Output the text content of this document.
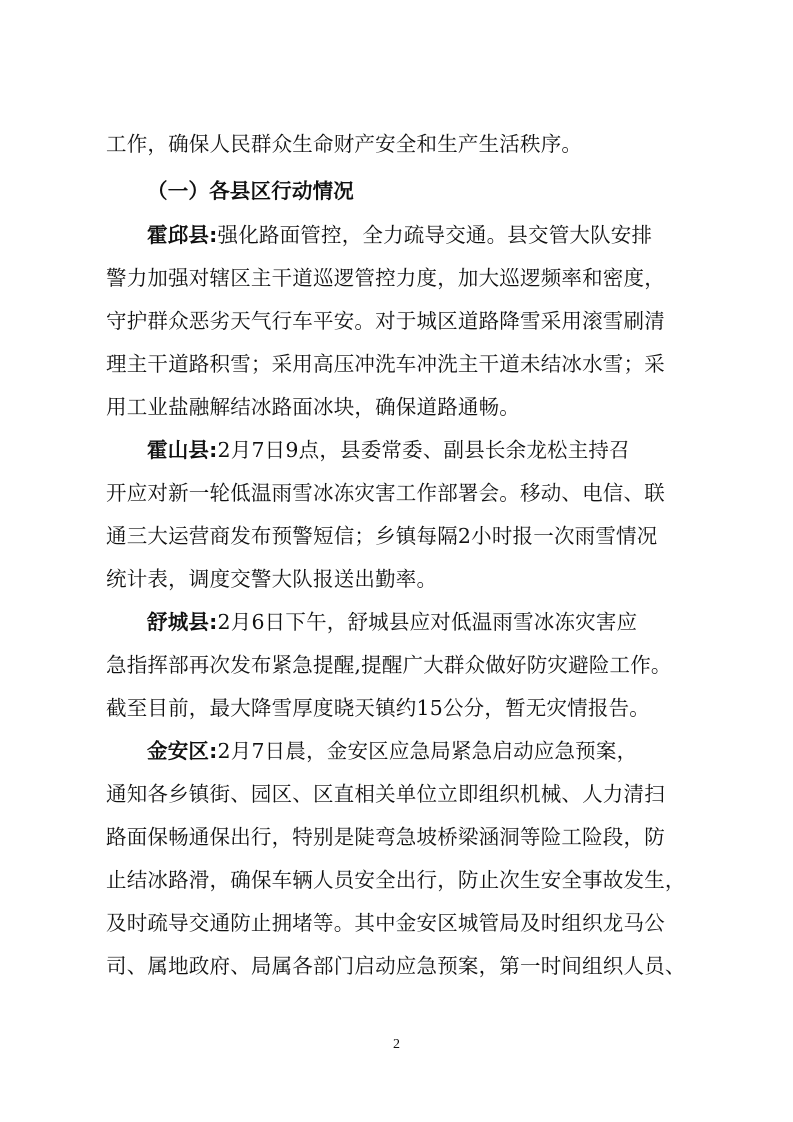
工作，确保人民群众生命财产安全和生产生活秩序。
（一）各县区行动情况
霍邱县:强化路面管控，全力疏导交通。县交管大队安排
警力加强对辖区主干道巡逻管控力度，加大巡逻频率和密度，
守护群众恶劣天气行车平安。对于城区道路降雪采用滚雪刷清
理主干道路积雪；采用高压冲洗车冲洗主干道未结冰水雪；采
用工业盐融解结冰路面冰块，确保道路通畅。
霍山县:2月7日9点，县委常委、副县长余龙松主持召
开应对新一轮低温雨雪冰冻灾害工作部署会。移动、电信、联
通三大运营商发布预警短信；乡镇每隔2小时报一次雨雪情况
统计表，调度交警大队报送出勤率。
舒城县:2月6日下午，舒城县应对低温雨雪冰冻灾害应
急指挥部再次发布紧急提醒,提醒广大群众做好防灾避险工作。
截至目前，最大降雪厚度晓天镇约15公分，暂无灾情报告。
金安区:2月7日晨，金安区应急局紧急启动应急预案，
通知各乡镇街、园区、区直相关单位立即组织机械、人力清扫
路面保畅通保出行，特别是陡弯急坡桥梁涵洞等险工险段，防
止结冰路滑，确保车辆人员安全出行，防止次生安全事故发生，
及时疏导交通防止拥堵等。其中金安区城管局及时组织龙马公
司、属地政府、局属各部门启动应急预案，第一时间组织人员、
2
